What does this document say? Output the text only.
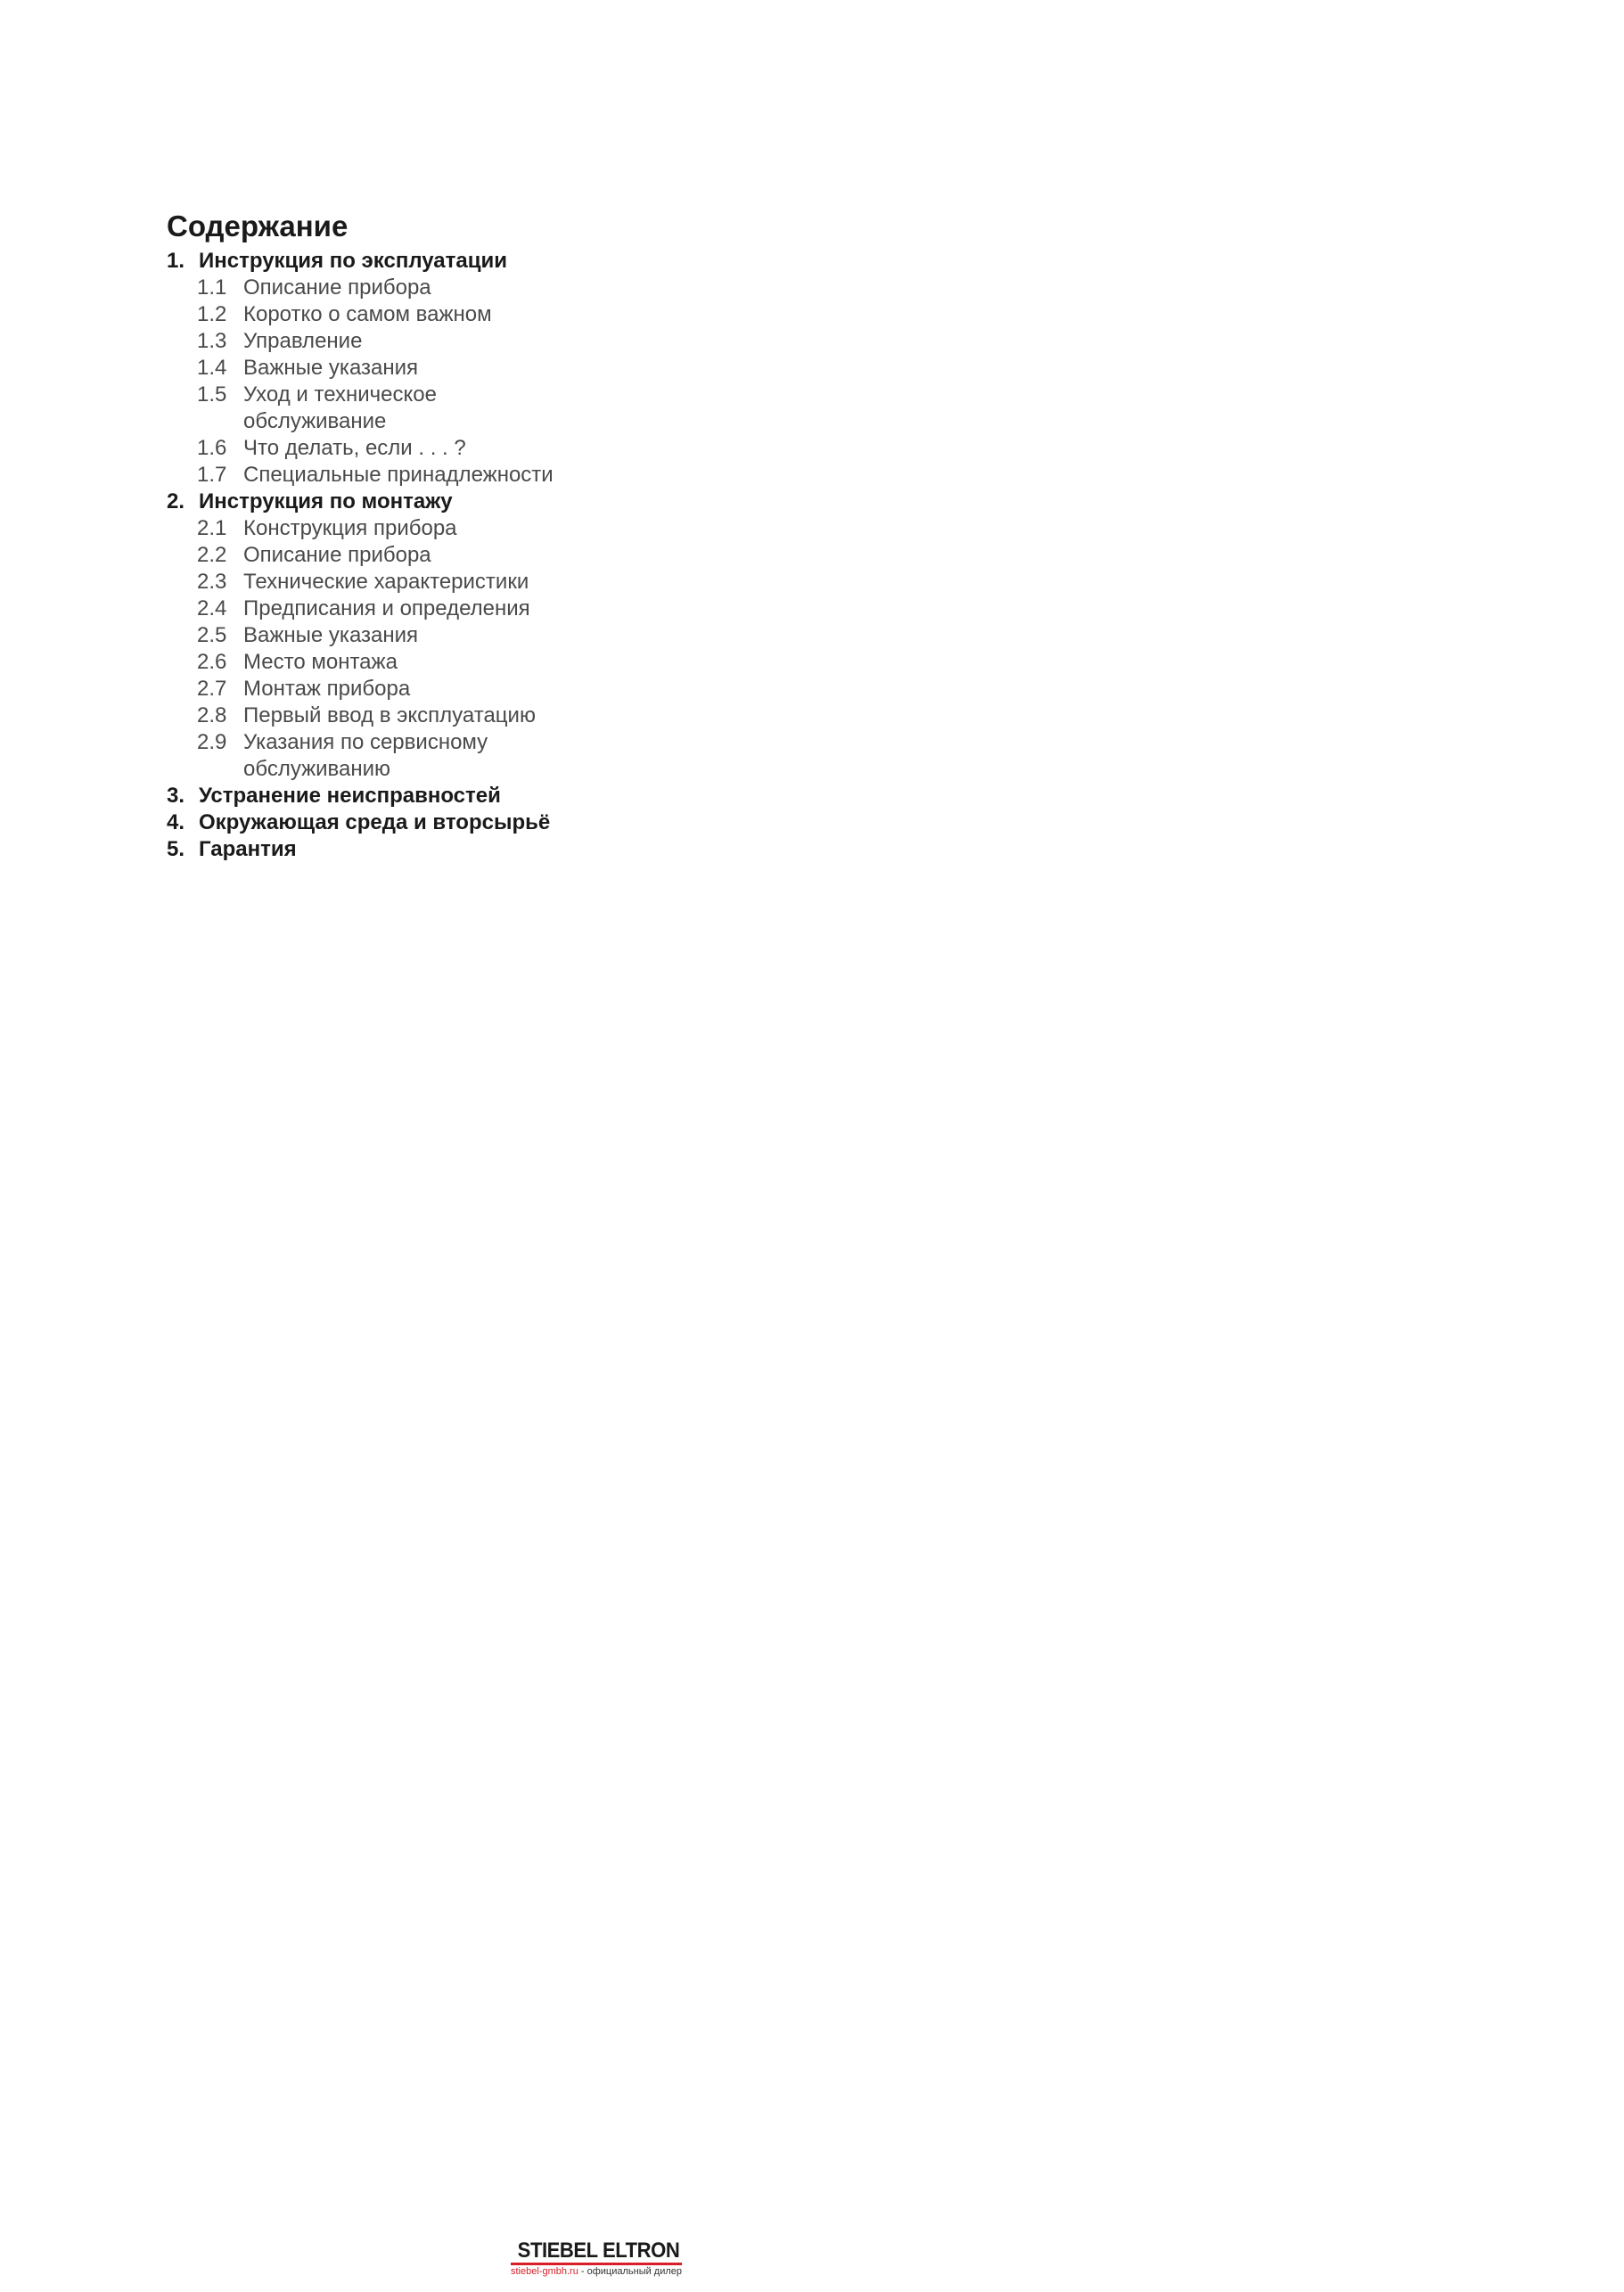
Содержание
1. Инструкция по эксплуатации
1.1 Описание прибора
1.2 Коротко о самом важном
1.3 Управление
1.4 Важные указания
1.5 Уход и техническое обслуживание
1.6 Что делать, если . . . ?
1.7 Специальные принадлежности
2. Инструкция по монтажу
2.1 Конструкция прибора
2.2 Описание прибора
2.3 Технические характеристики
2.4 Предписания и определения
2.5 Важные указания
2.6 Место монтажа
2.7 Монтаж прибора
2.8 Первый ввод в эксплуатацию
2.9 Указания по сервисному обслуживанию
3. Устранение неисправностей
4. Окружающая среда и вторсырьё
5. Гарантия
STIEBEL ELTRON
stiebel-gmbh.ru - официальный дилер
